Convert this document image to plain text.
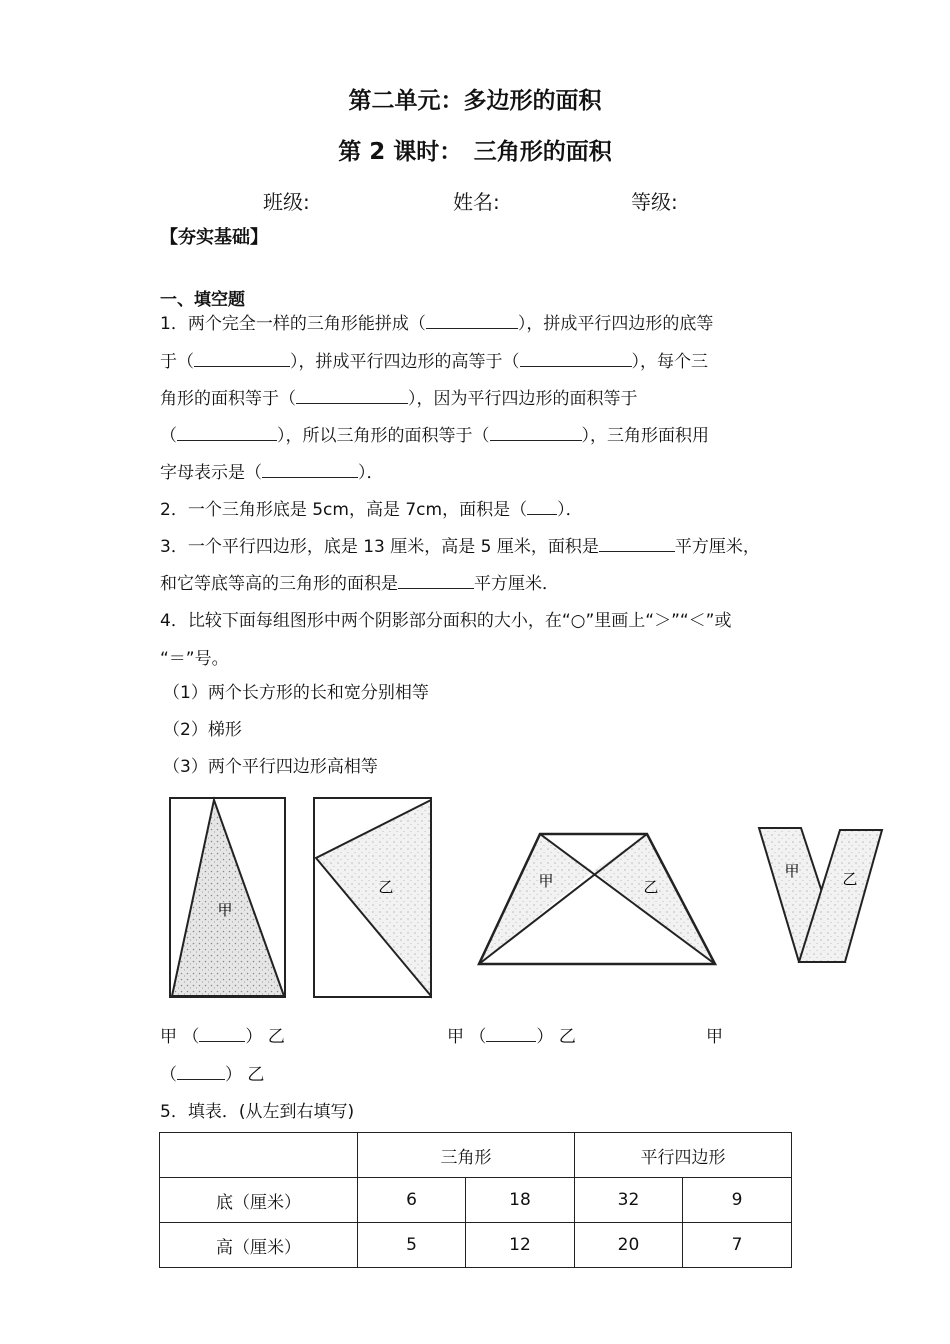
第二单元：多边形的面积
第 2 课时：　三角形的面积
班级:	姓名:	等级:
【夯实基础】
一、填空题
1．两个完全一样的三角形能拼成（	），拼成平行四边形的底等
于（	），拼成平行四边形的高等于（	），每个三
角形的面积等于（	），因为平行四边形的面积等于
（	），所以三角形的面积等于（	），三角形面积用
字母表示是（	）．
2．一个三角形底是 5cm，高是 7cm，面积是（ ）．
3．一个平行四边形，底是 13 厘米，高是 5 厘米，面积是	平方厘米，
和它等底等高的三角形的面积是	平方厘米．
4．比较下面每组图形中两个阴影部分面积的大小，在“○”里画上“＞”“＜”或
“＝”号。
（1）两个长方形的长和宽分别相等
（2）梯形
（3）两个平行四边形高相等
甲
乙	甲	乙
甲	乙
甲 （	） 乙	甲 （	） 乙	甲
（	） 乙
5．填表．(从左到右填写)
	三角形		平行四边形	
底（厘米）	6	18	32	9
高（厘米）	5	12	20	7
